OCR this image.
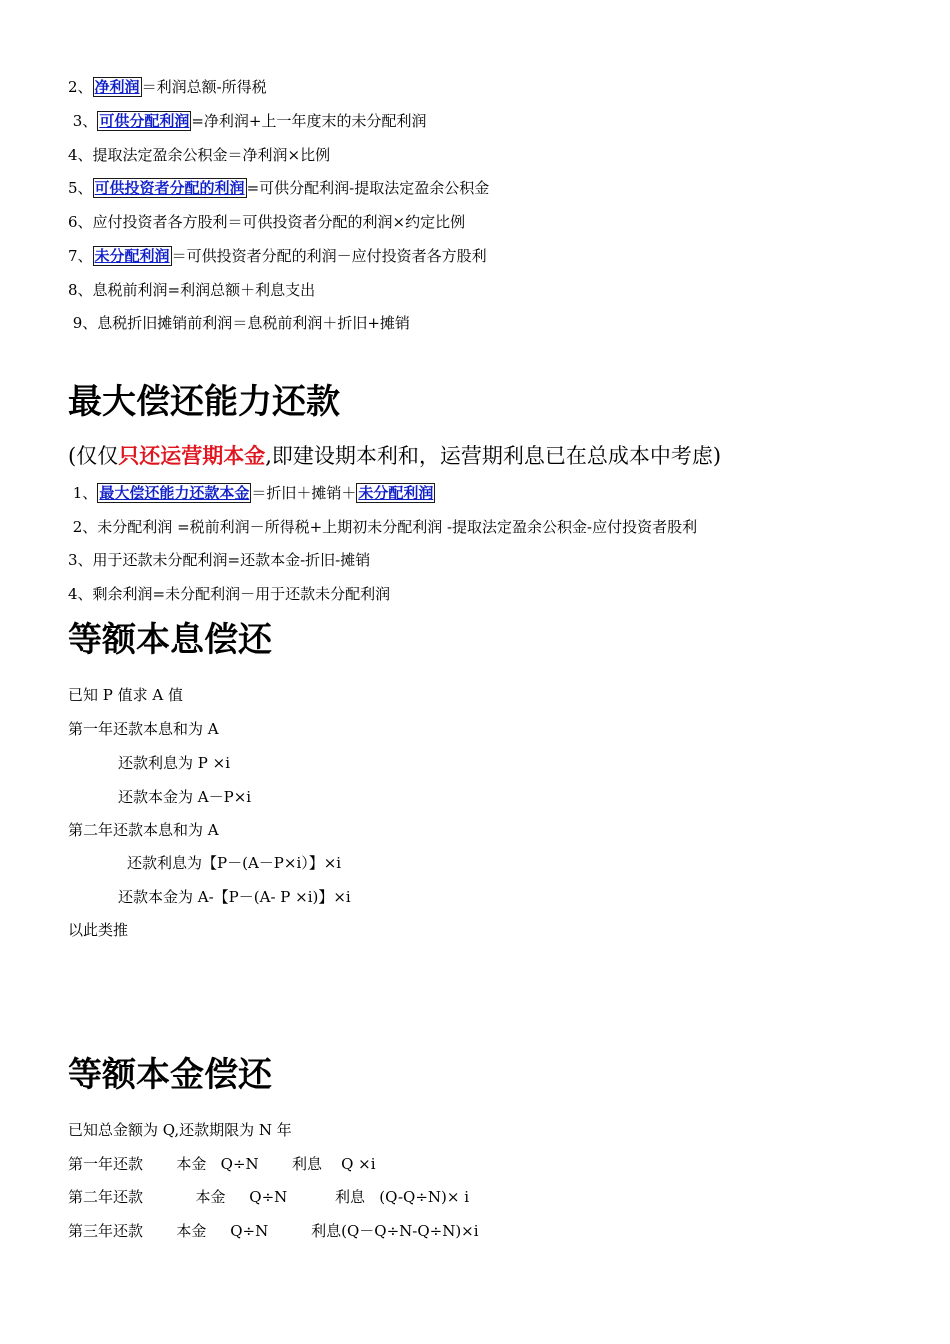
2、 净利润 ＝利润总额-所得税
3、 可供分配利润 =净利润+上一年度末的未分配利润
4、提取法定盈余公积金＝净利润×比例
5、 可供投资者分配的利润 =可供分配利润-提取法定盈余公积金
6、应付投资者各方股利＝可供投资者分配的利润×约定比例
7、 未分配利润 ＝可供投资者分配的利润－应付投资者各方股利
8、息税前利润=利润总额＋利息支出
9、息税折旧摊销前利润＝息税前利润＋折旧+摊销
最大偿还能力还款
(仅仅只还运营期本金,即建设期本利和，运营期利息已在总成本中考虑)
1、 最大偿还能力还款本金 ＝折旧＋摊销＋ 未分配利润
2、未分配利润 =税前利润－所得税+上期初未分配利润 -提取法定盈余公积金-应付投资者股利
3、用于还款未分配利润=还款本金-折旧-摊销
4、剩余利润=未分配利润－用于还款未分配利润
等额本息偿还
已知 P 值求 A 值
第一年还款本息和为 A
还款利息为 P ×i
还款本金为 A－P×i
第二年还款本息和为 A
还款利息为【P－(A－P×i）】×i
还款本金为 A-【P－(A- P ×i)】×i
以此类推
等额本金偿还
已知总金额为 Q,还款期限为 N 年
第一年还款       本金   Q÷N       利息    Q ×i
第二年还款           本金     Q÷N          利息   (Q-Q÷N)× i
第三年还款       本金     Q÷N         利息(Q－Q÷N-Q÷N)×i
